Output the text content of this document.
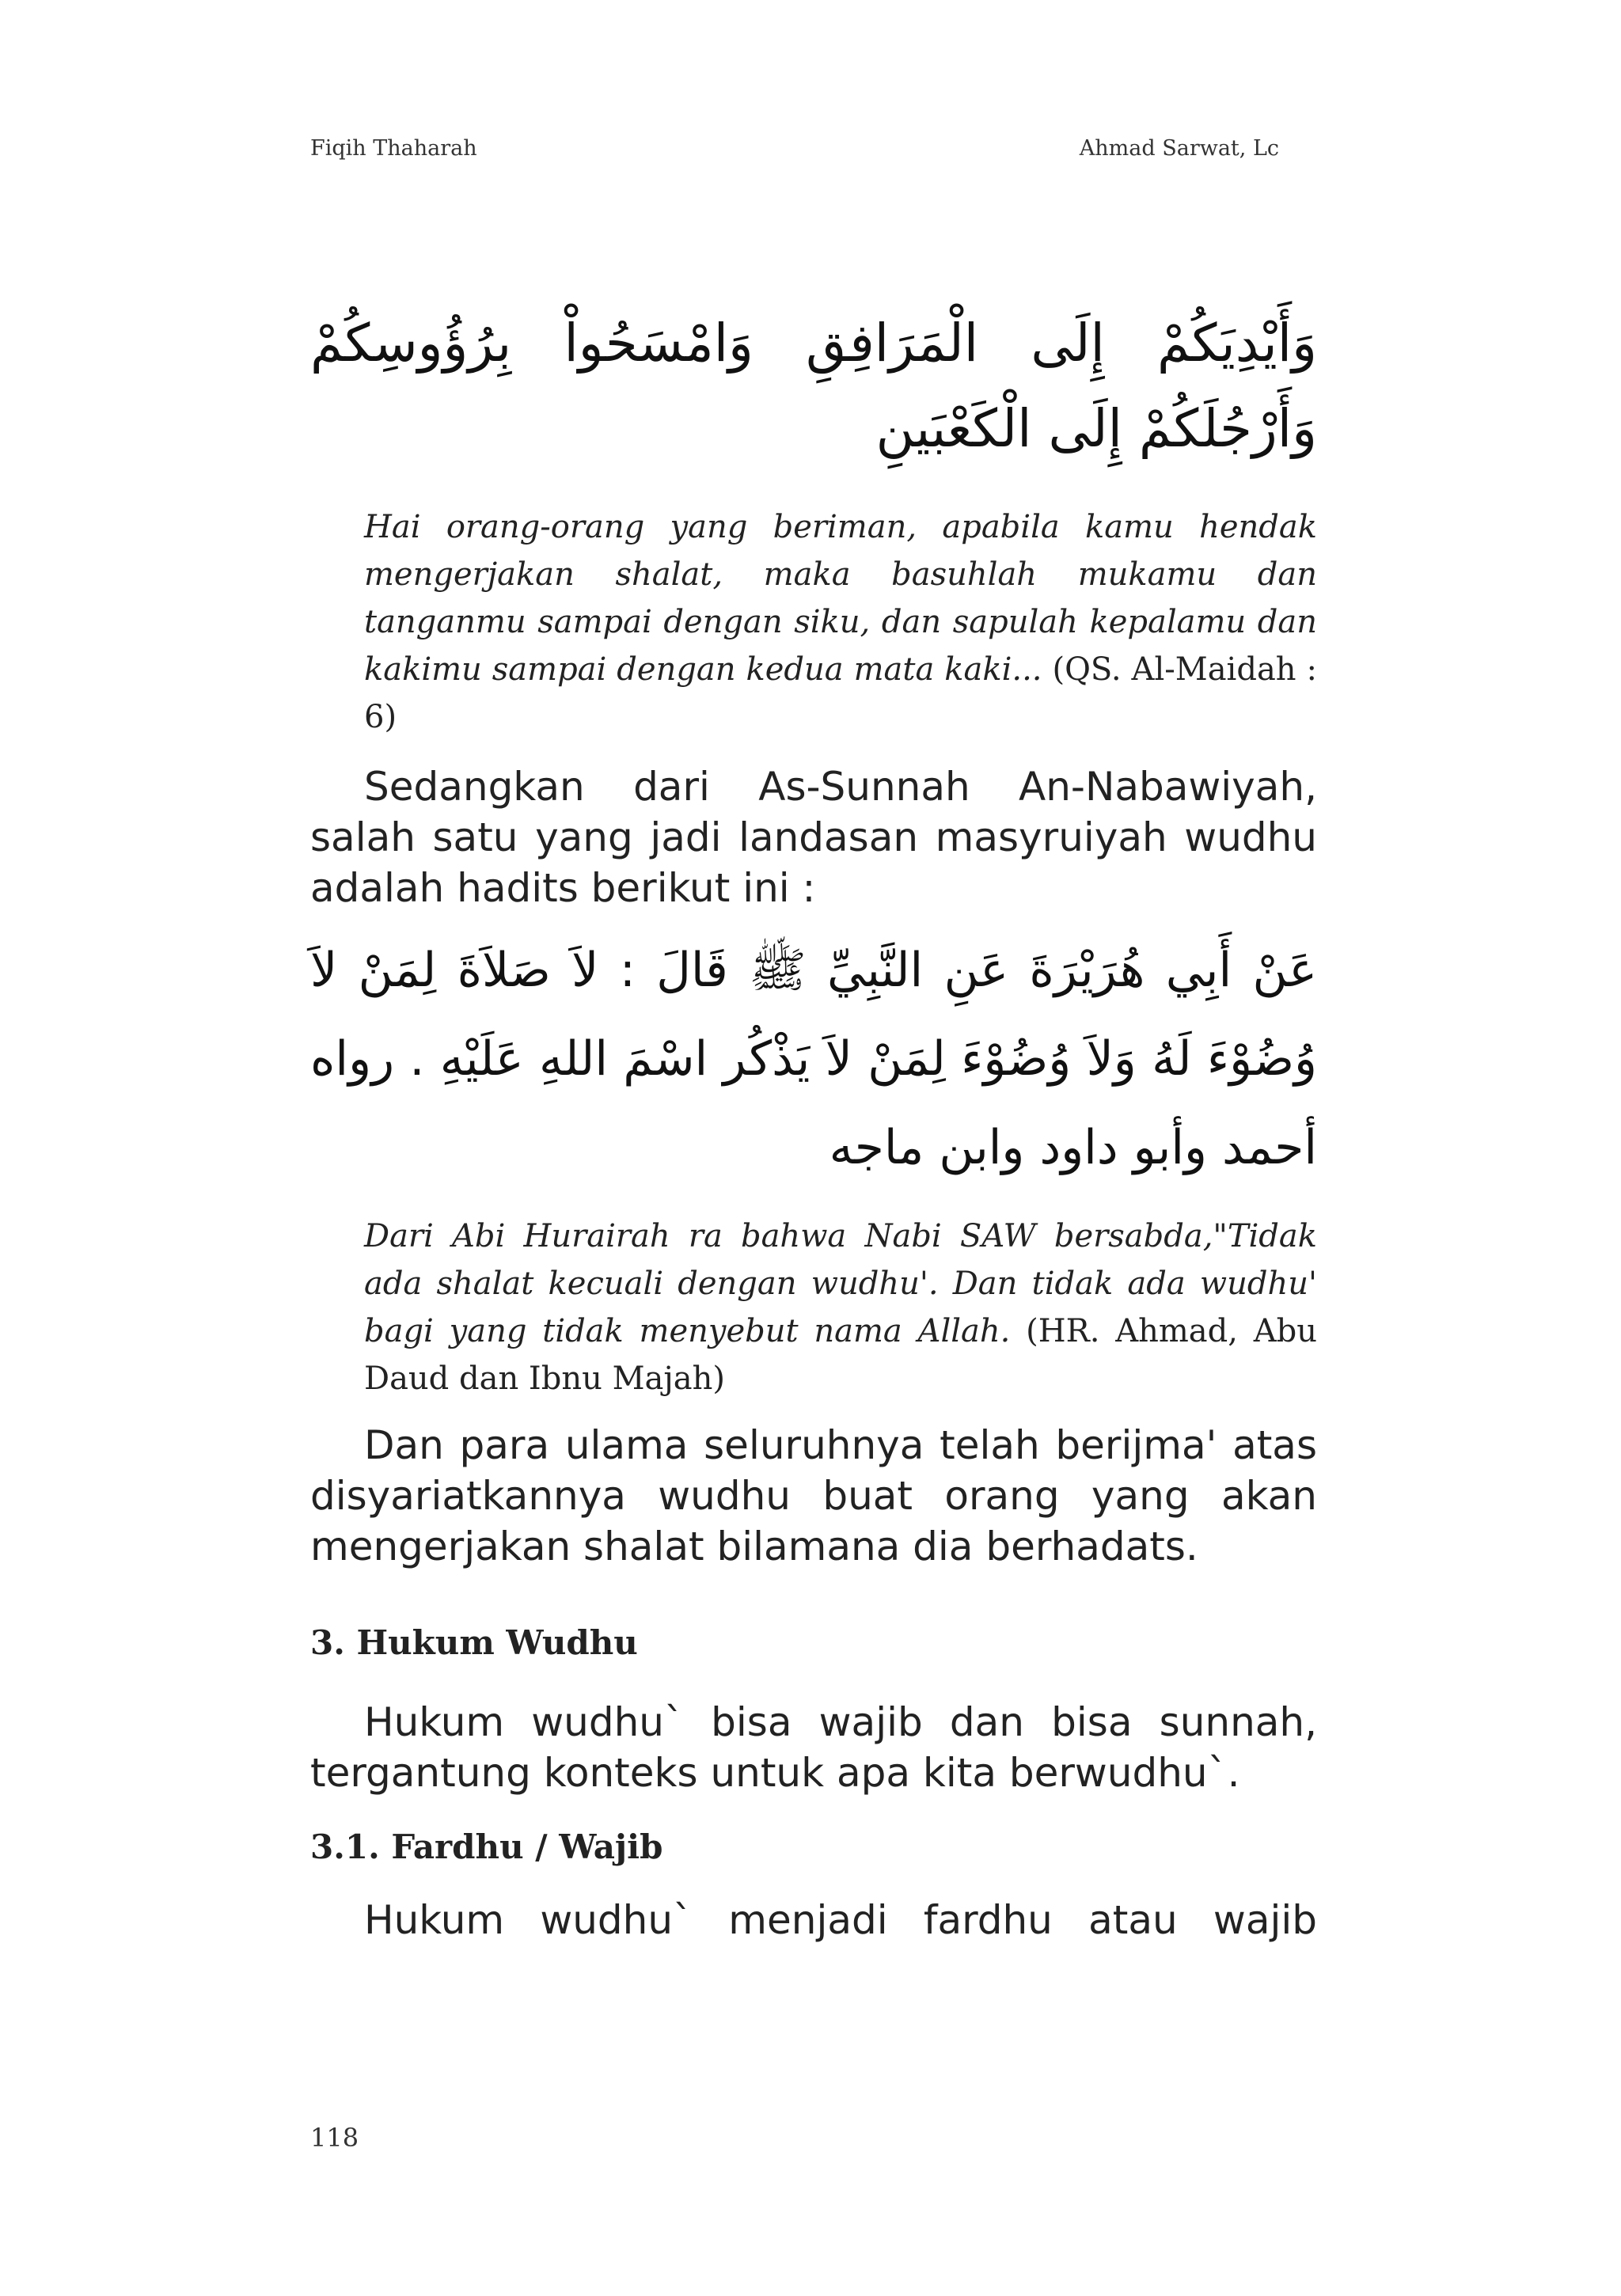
Fiqih Thaharah	Ahmad Sarwat, Lc
وَأَيْدِيَكُمْ إِلَى الْمَرَافِقِ وَامْسَحُواْ بِرُؤُوسِكُمْ وَأَرْجُلَكُمْ إِلَى الْكَعْبَينِ
Hai orang-orang yang beriman, apabila kamu hendak mengerjakan shalat, maka basuhlah mukamu dan tanganmu sampai dengan siku, dan sapulah kepalamu dan kakimu sampai dengan kedua mata kaki... (QS. Al-Maidah : 6)
Sedangkan dari As-Sunnah An-Nabawiyah, salah satu yang jadi landasan masyruiyah wudhu adalah hadits berikut ini :
عَنْ أَبِي هُرَيْرَةَ عَنِ النَّبِيِّ ﷺ قَالَ : لاَ صَلاَةَ لِمَنْ لاَ وُضُوْءَ لَهُ وَلاَ وُضُوْءَ لِمَنْ لاَ يَذْكُر اسْمَ اللهِ عَلَيْهِ . رواه أحمد وأبو داود وابن ماجه
Dari Abi Hurairah ra bahwa Nabi SAW bersabda,"Tidak ada shalat kecuali dengan wudhu'. Dan tidak ada wudhu' bagi yang tidak menyebut nama Allah. (HR. Ahmad, Abu Daud dan Ibnu Majah)
Dan para ulama seluruhnya telah berijma' atas disyariatkannya wudhu buat orang yang akan mengerjakan shalat bilamana dia berhadats.
3. Hukum Wudhu
Hukum wudhu` bisa wajib dan bisa sunnah, tergantung konteks untuk apa kita berwudhu`.
3.1. Fardhu / Wajib
Hukum wudhu` menjadi fardhu atau wajib
118
